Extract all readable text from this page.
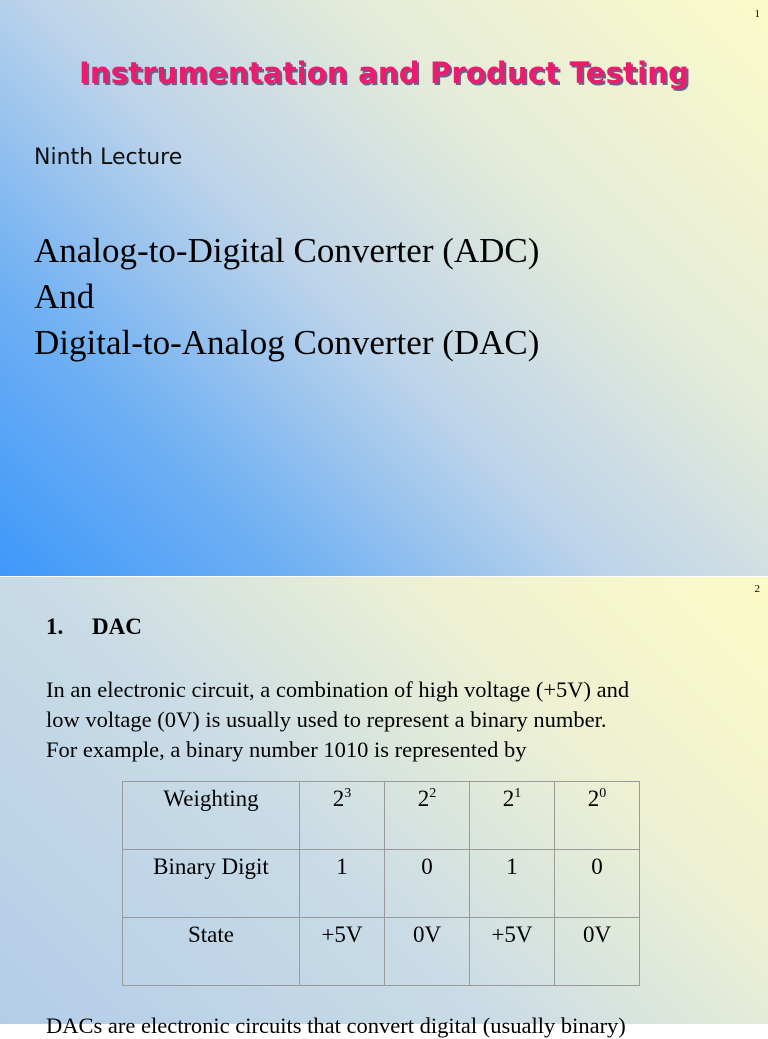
1
Instrumentation and Product Testing
Ninth Lecture
Analog-to-Digital Converter (ADC)
And
Digital-to-Analog Converter (DAC)
2
1. DAC
In an electronic circuit, a combination of high voltage (+5V) and
low voltage (0V) is usually used to represent a binary number.
For example, a binary number 1010 is represented by
Weighting	$2^3$	$2^2$	$2^1$	$2^0$
Binary Digit	1	0	1	0
State	+5V	0V	+5V	0V
DACs are electronic circuits that convert digital (usually binary)
